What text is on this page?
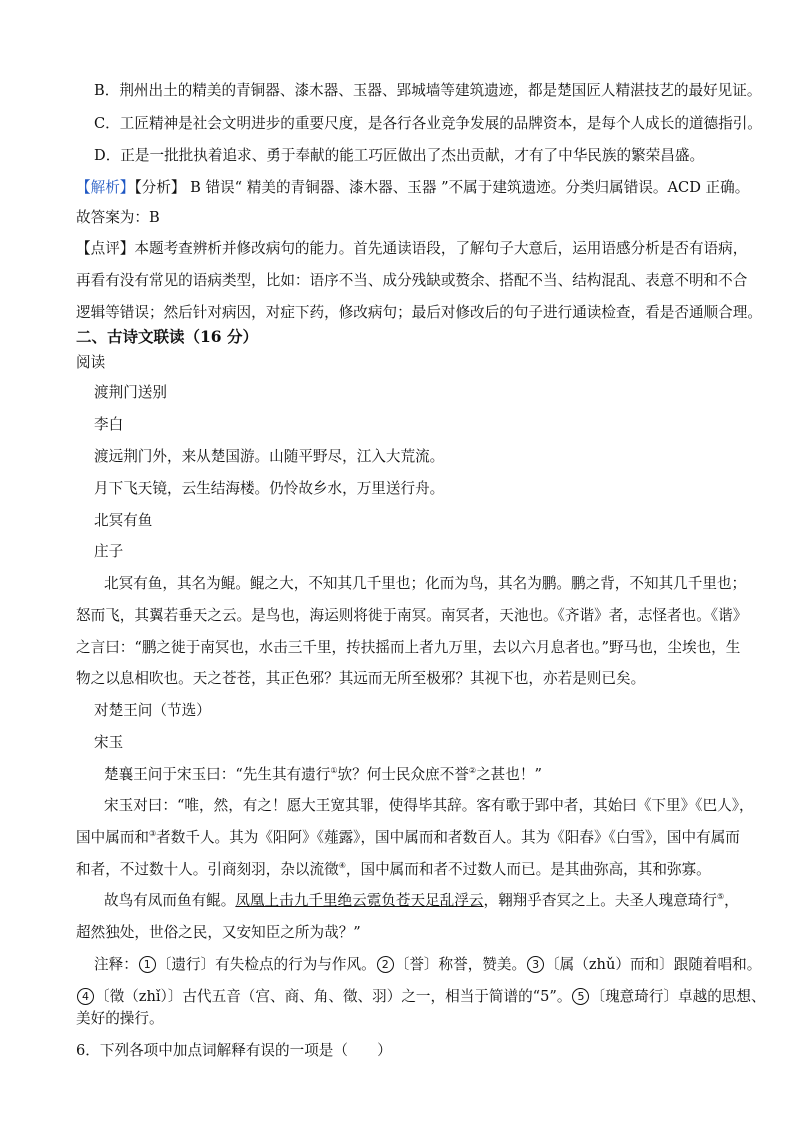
B．荆州出土的精美的青铜器、漆木器、玉器、郢城墙等建筑遗迹，都是楚国匠人精湛技艺的最好见证。
C．工匠精神是社会文明进步的重要尺度，是各行各业竞争发展的品牌资本，是每个人成长的道德指引。
D．正是一批批执着追求、勇于奉献的能工巧匠做出了杰出贡献，才有了中华民族的繁荣昌盛。
【解析】【分析】 B 错误“ 精美的青铜器、漆木器、玉器 ”不属于建筑遗迹。分类归属错误。ACD 正确。
故答案为：B
【点评】本题考查辨析并修改病句的能力。首先通读语段，了解句子大意后，运用语感分析是否有语病，
再看有没有常见的语病类型，比如：语序不当、成分残缺或赘余、搭配不当、结构混乱、表意不明和不合
逻辑等错误；然后针对病因，对症下药，修改病句；最后对修改后的句子进行通读检查，看是否通顺合理。
二、古诗文联读（16 分）
阅读
渡荆门送别
李白
渡远荆门外，来从楚国游。山随平野尽，江入大荒流。
月下飞天镜，云生结海楼。仍怜故乡水，万里送行舟。
北冥有鱼
庄子
北冥有鱼，其名为鲲。鲲之大，不知其几千里也；化而为鸟，其名为鹏。鹏之背，不知其几千里也；
怒而飞，其翼若垂天之云。是鸟也，海运则将徙于南冥。南冥者，天池也。《齐谐》者，志怪者也。《谐》
之言曰：“鹏之徙于南冥也，水击三千里，抟扶摇而上者九万里，去以六月息者也。”野马也，尘埃也，生
物之以息相吹也。天之苍苍，其正色邪？其远而无所至极邪？其视下也，亦若是则已矣。
对楚王问（节选）
宋玉
楚襄王问于宋玉曰：“先生其有遗行①欤？何士民众庶不誉②之甚也！”
宋玉对曰：“唯，然，有之！愿大王宽其罪，使得毕其辞。客有歌于郢中者，其始曰《下里》《巴人》，
国中属而和③者数千人。其为《阳阿》《薤露》，国中属而和者数百人。其为《阳春》《白雪》，国中有属而
和者，不过数十人。引商刻羽，杂以流徵④，国中属而和者不过数人而已。是其曲弥高，其和弥寡。
故鸟有凤而鱼有鲲。凤凰上击九千里绝云霓负苍天足乱浮云，翱翔乎杳冥之上。夫圣人瑰意琦行⑤，
超然独处，世俗之民，又安知臣之所为哉？”
注释： 1 〔遗行〕有失检点的行为与作风。 2 〔誉〕称誉，赞美。 3 〔属（zhǔ）而和〕跟随着唱和。
4 〔徵（zhǐ）〕古代五音（宫、商、角、徵、羽）之一，相当于简谱的“5”。 5 〔瑰意琦行〕卓越的思想、
美好的操行。
6．下列各项中加点词解释有误的一项是（　　）
